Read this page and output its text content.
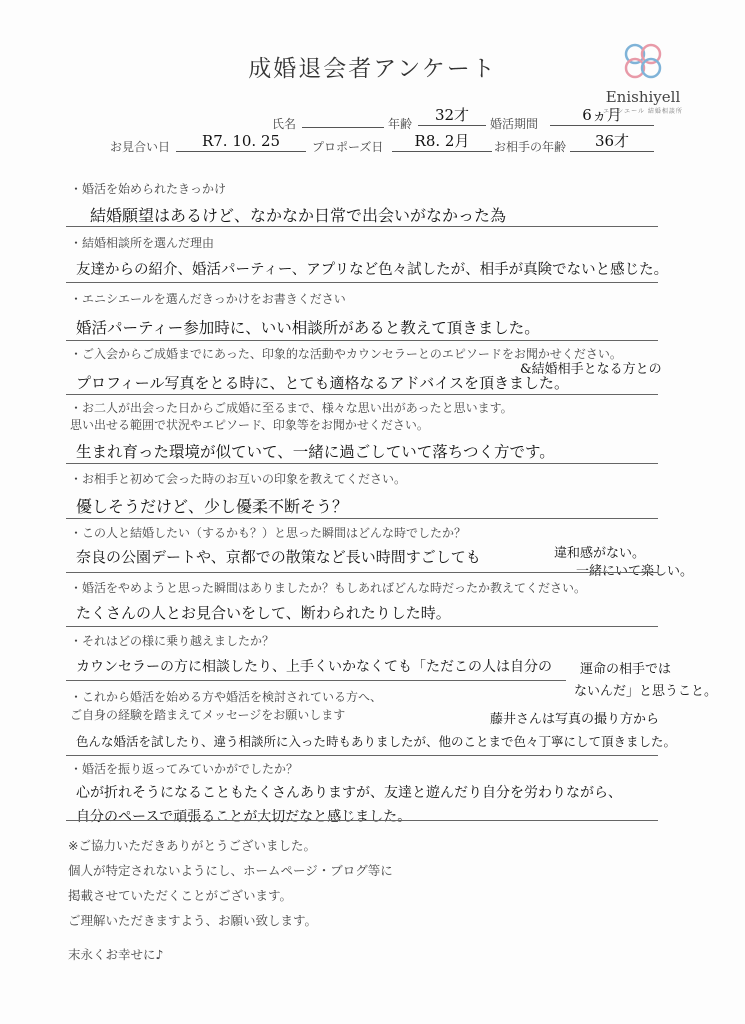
成婚退会者アンケート
Enishiyell
エニシエール 結婚相談所
氏名	年齢	32才	婚活期間	6ヵ月
お見合い日	R7. 10. 25	プロポーズ日	R8. 2月	お相手の年齢	36才
・婚活を始められたきっかけ
結婚願望はあるけど、なかなか日常で出会いがなかった為
・結婚相談所を選んだ理由
友達からの紹介、婚活パーティー、アプリなど色々試したが、相手が真険でないと感じた。
・エニシエールを選んだきっかけをお書きください
婚活パーティー参加時に、いい相談所があると教えて頂きました。
・ご入会からご成婚までにあった、印象的な活動やカウンセラーとのエピソードをお聞かせください。
&結婚相手となる方との
プロフィール写真をとる時に、とても適格なるアドバイスを頂きました。
・お二人が出会った日からご成婚に至るまで、様々な思い出があったと思います。
思い出せる範囲で状況やエピソード、印象等をお聞かせください。
生まれ育った環境が似ていて、一緒に過ごしていて落ちつく方です。
・お相手と初めて会った時のお互いの印象を教えてください。
優しそうだけど、少し優柔不断そう？
・この人と結婚したい（するかも？）と思った瞬間はどんな時でしたか？
奈良の公園デートや、京都での散策など長い時間すごしても	違和感がない。
一緒にいて楽しい。
・婚活をやめようと思った瞬間はありましたか？もしあればどんな時だったか教えてください。
たくさんの人とお見合いをして、断わられたりした時。
・それはどの様に乗り越えましたか？
カウンセラーの方に相談したり、上手くいかなくても「ただこの人は自分の 運命の相手では
ないんだ」と思うこと。
・これから婚活を始める方や婚活を検討されている方へ、
ご自身の経験を踏まえてメッセージをお願いします	藤井さんは写真の撮り方から
色んな婚活を試したり、違う相談所に入った時もありましたが、他のことまで色々丁寧にして頂きました。
・婚活を振り返ってみていかがでしたか？
心が折れそうになることもたくさんありますが、友達と遊んだり自分を労わりながら、
自分のペースで頑張ることが大切だなと感じました。
※ご協力いただきありがとうございました。
個人が特定されないようにし、ホームページ・ブログ等に
掲載させていただくことがございます。
ご理解いただきますよう、お願い致します。
末永くお幸せに♪
